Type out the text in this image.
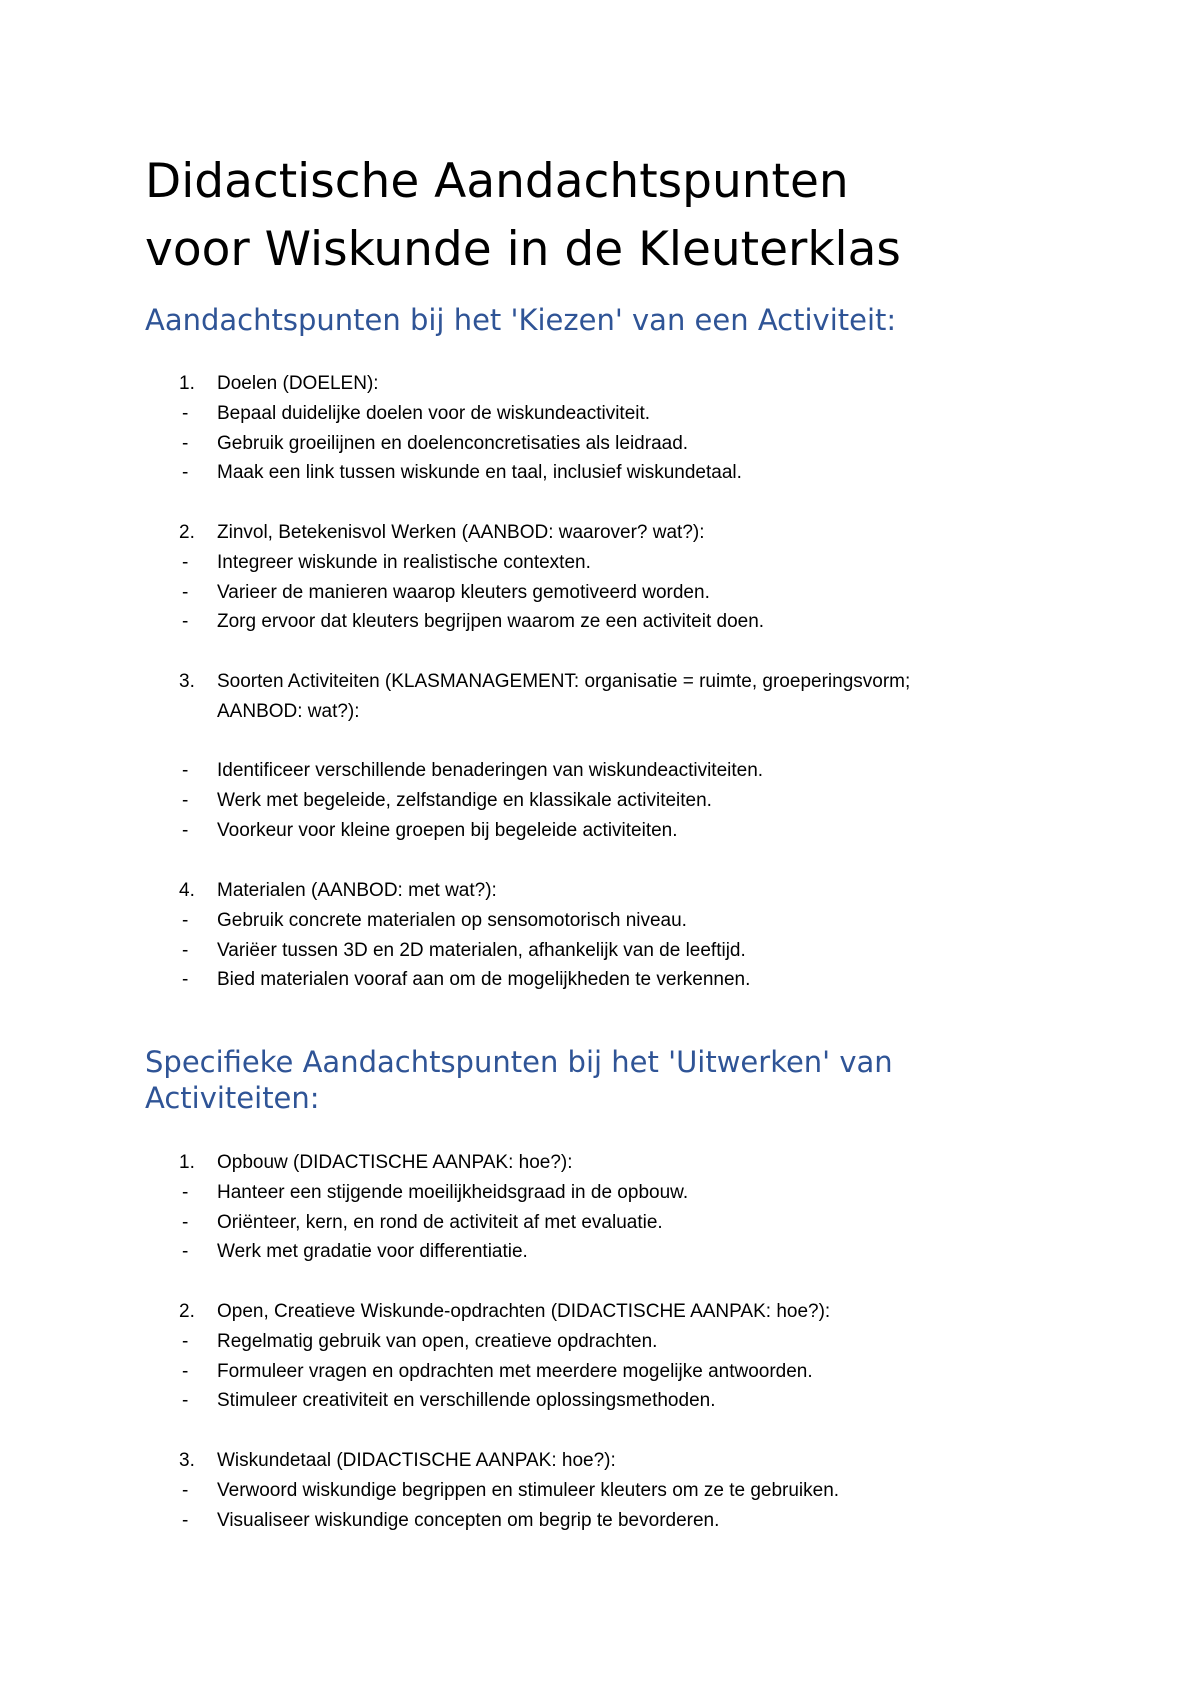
Didactische Aandachtspunten
voor Wiskunde in de Kleuterklas
Aandachtspunten bij het 'Kiezen' van een Activiteit:
1. Doelen (DOELEN):
- Bepaal duidelijke doelen voor de wiskundeactiviteit.
- Gebruik groeilijnen en doelenconcretisaties als leidraad.
- Maak een link tussen wiskunde en taal, inclusief wiskundetaal.
2. Zinvol, Betekenisvol Werken (AANBOD: waarover? wat?):
- Integreer wiskunde in realistische contexten.
- Varieer de manieren waarop kleuters gemotiveerd worden.
- Zorg ervoor dat kleuters begrijpen waarom ze een activiteit doen.
3. Soorten Activiteiten (KLASMANAGEMENT: organisatie = ruimte, groeperingsvorm;
AANBOD: wat?):
- Identificeer verschillende benaderingen van wiskundeactiviteiten.
- Werk met begeleide, zelfstandige en klassikale activiteiten.
- Voorkeur voor kleine groepen bij begeleide activiteiten.
4. Materialen (AANBOD: met wat?):
- Gebruik concrete materialen op sensomotorisch niveau.
- Variëer tussen 3D en 2D materialen, afhankelijk van de leeftijd.
- Bied materialen vooraf aan om de mogelijkheden te verkennen.
Specifieke Aandachtspunten bij het 'Uitwerken' van
Activiteiten:
1. Opbouw (DIDACTISCHE AANPAK: hoe?):
- Hanteer een stijgende moeilijkheidsgraad in de opbouw.
- Oriënteer, kern, en rond de activiteit af met evaluatie.
- Werk met gradatie voor differentiatie.
2. Open, Creatieve Wiskunde-opdrachten (DIDACTISCHE AANPAK: hoe?):
- Regelmatig gebruik van open, creatieve opdrachten.
- Formuleer vragen en opdrachten met meerdere mogelijke antwoorden.
- Stimuleer creativiteit en verschillende oplossingsmethoden.
3. Wiskundetaal (DIDACTISCHE AANPAK: hoe?):
- Verwoord wiskundige begrippen en stimuleer kleuters om ze te gebruiken.
- Visualiseer wiskundige concepten om begrip te bevorderen.
